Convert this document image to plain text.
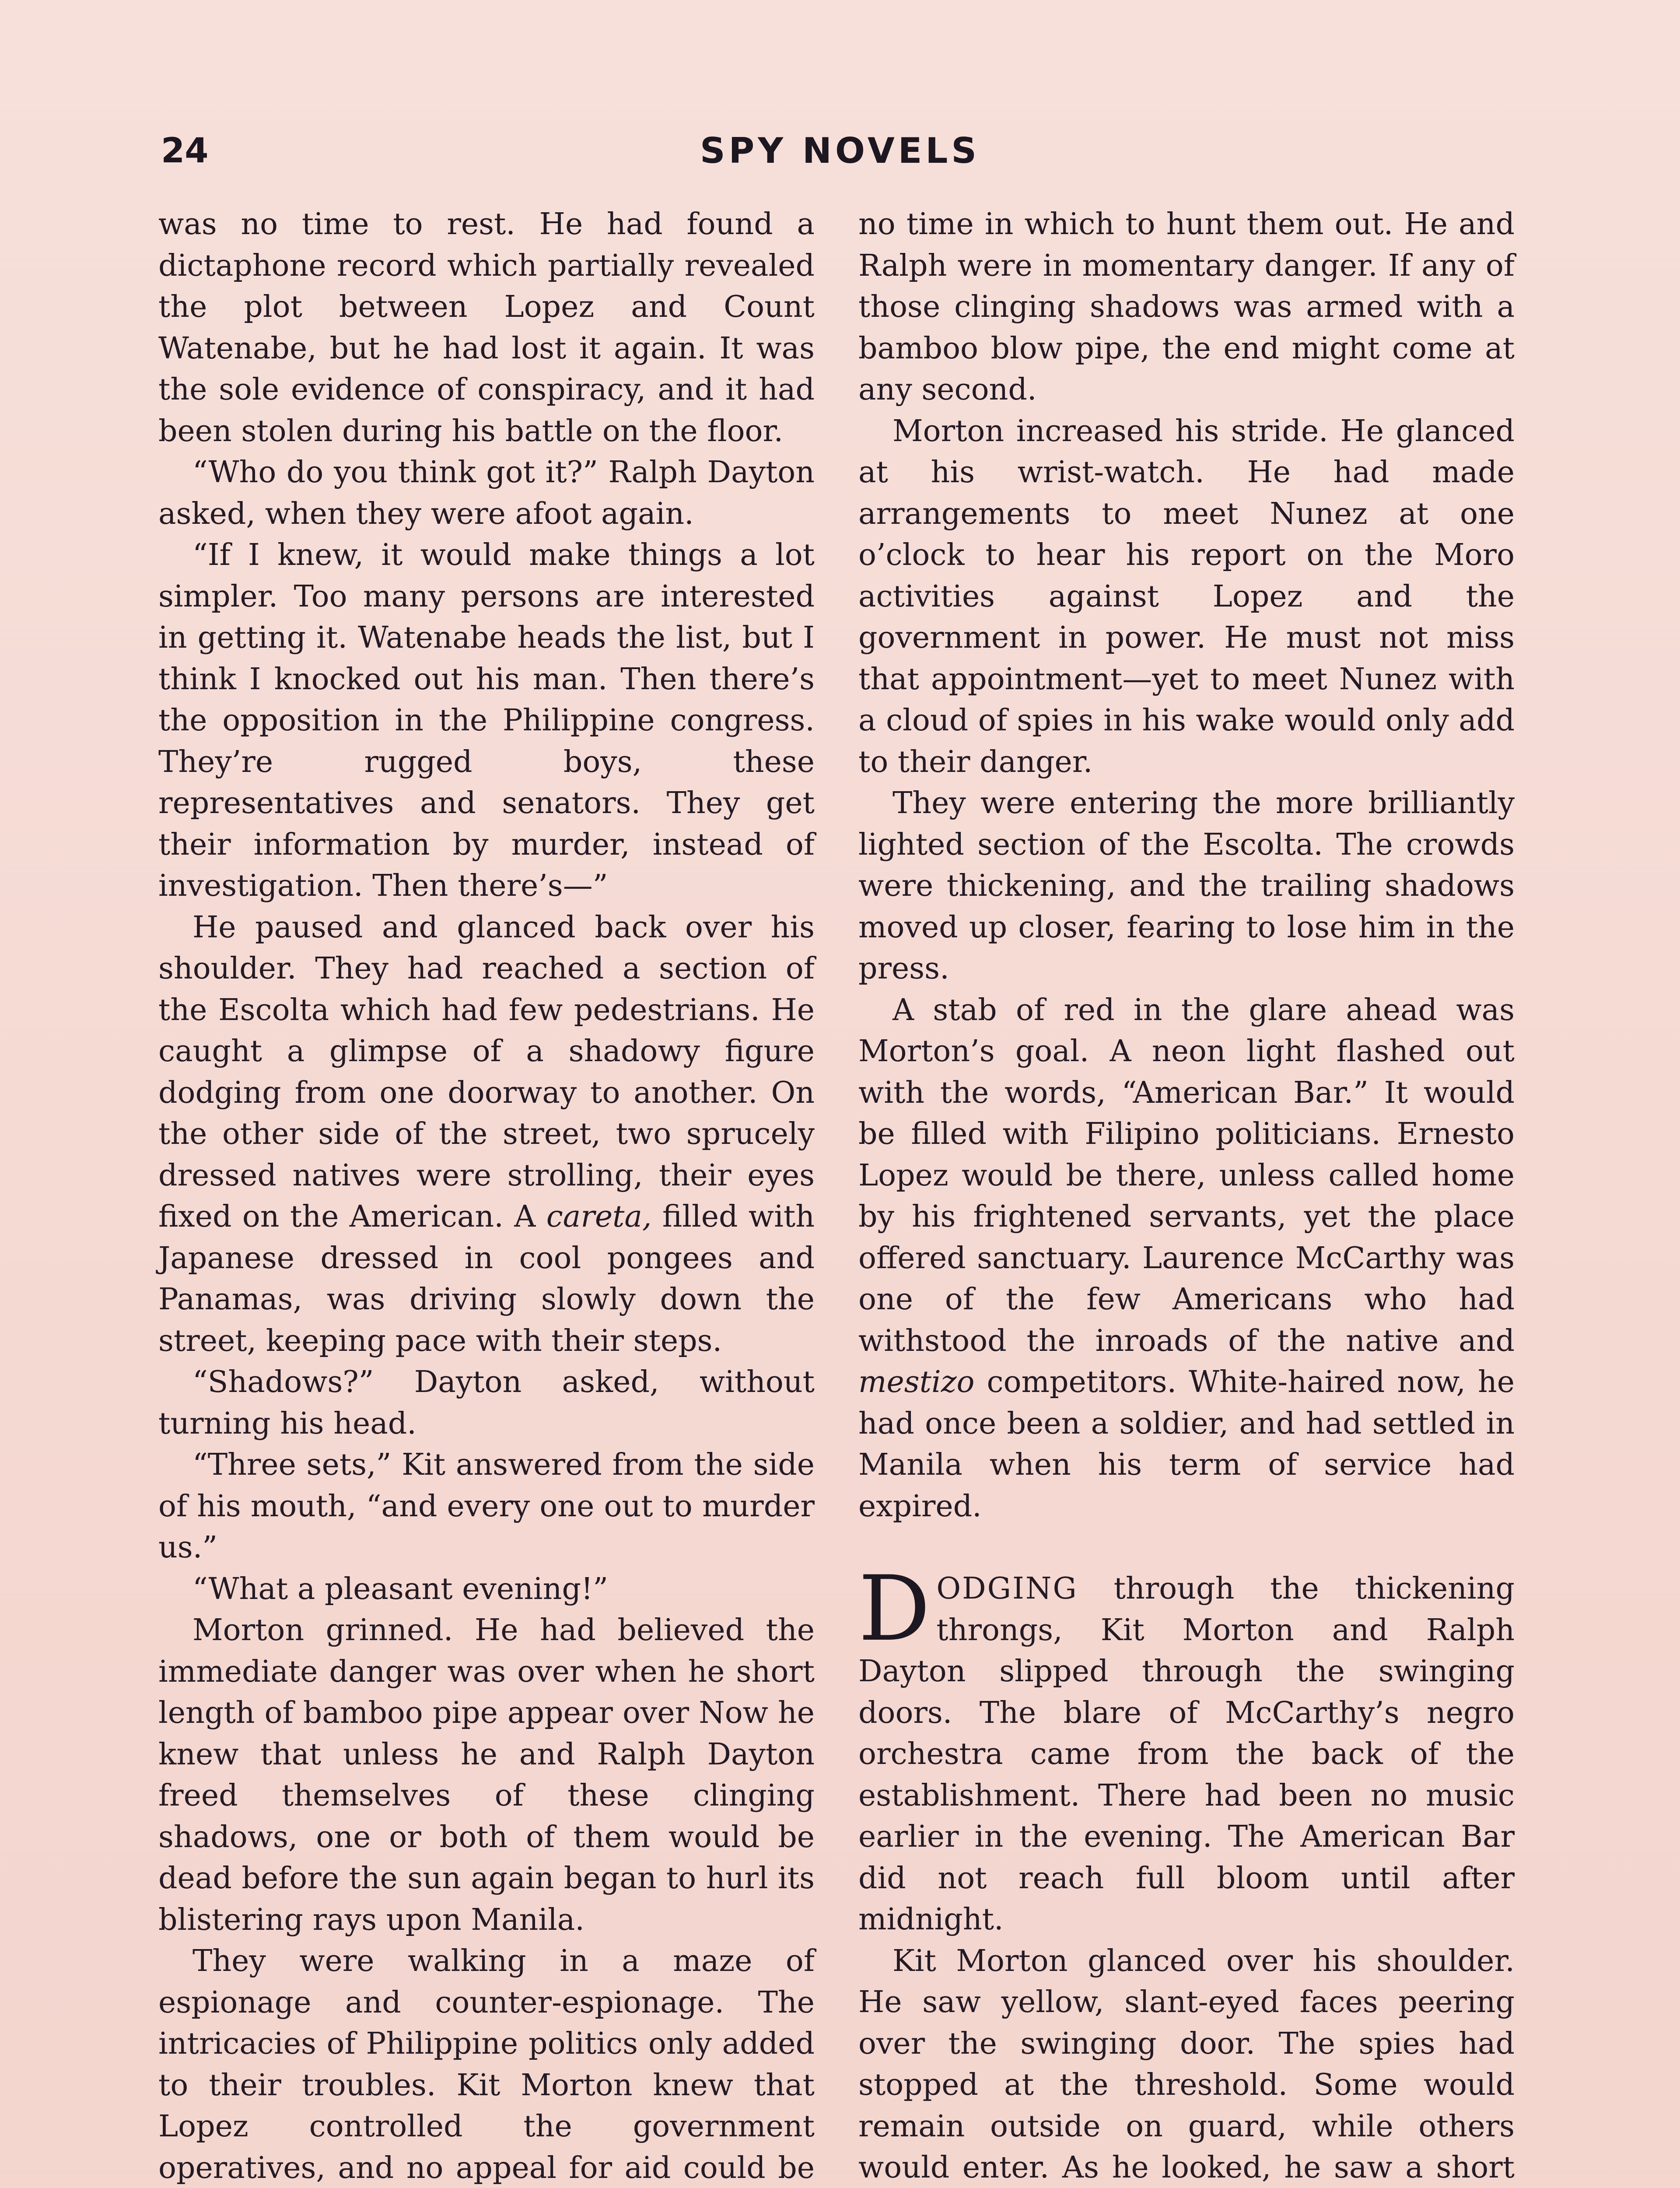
24	SPY NOVELS

was no time to rest. He had found a dictaphone record which partially revealed the plot between Lopez and Count Watenabe, but he had lost it again. It was the sole evidence of conspiracy, and it had been stolen during his battle on the floor.

“Who do you think got it?” Ralph Dayton asked, when they were afoot again.

“If I knew, it would make things a lot simpler. Too many persons are interested in getting it. Watenabe heads the list, but I think I knocked out his man. Then there’s the opposition in the Philippine congress. They’re rugged boys, these representatives and senators. They get their information by murder, instead of investigation. Then there’s—”

He paused and glanced back over his shoulder. They had reached a section of the Escolta which had few pedestrians. He caught a glimpse of a shadowy figure dodging from one doorway to another. On the other side of the street, two sprucely dressed natives were strolling, their eyes fixed on the American. A careta, filled with Japanese dressed in cool pongees and Panamas, was driving slowly down the street, keeping pace with their steps.

“Shadows?” Dayton asked, without turning his head.

“Three sets,” Kit answered from the side of his mouth, “and every one out to murder us.”

“What a pleasant evening!”

Morton grinned. He had believed the immediate danger was over when he short length of bamboo pipe appear over Now he knew that unless he and Ralph Dayton freed themselves of these clinging shadows, one or both of them would be dead before the sun again began to hurl its blistering rays upon Manila.

They were walking in a maze of espionage and counter-espionage. The intricacies of Philippine politics only added to their troubles. Kit Morton knew that Lopez controlled the government operatives, and no appeal for aid could be

no time in which to hunt them out. He and Ralph were in momentary danger. If any of those clinging shadows was armed with a bamboo blow pipe, the end might come at any second.

Morton increased his stride. He glanced at his wrist-watch. He had made arrangements to meet Nunez at one o’clock to hear his report on the Moro activities against Lopez and the government in power. He must not miss that appointment—yet to meet Nunez with a cloud of spies in his wake would only add to their danger.

They were entering the more brilliantly lighted section of the Escolta. The crowds were thickening, and the trailing shadows moved up closer, fearing to lose him in the press.

A stab of red in the glare ahead was Morton’s goal. A neon light flashed out with the words, “American Bar.” It would be filled with Filipino politicians. Ernesto Lopez would be there, unless called home by his frightened servants, yet the place offered sanctuary. Laurence McCarthy was one of the few Americans who had withstood the inroads of the native and mestizo competitors. White-haired now, he had once been a soldier, and had settled in Manila when his term of service had expired.

DODGING through the thickening throngs, Kit Morton and Ralph Dayton slipped through the swinging doors. The blare of McCarthy’s negro orchestra came from the back of the establishment. There had been no music earlier in the evening. The American Bar did not reach full bloom until after midnight.

Kit Morton glanced over his shoulder. He saw yellow, slant-eyed faces peering over the swinging door. The spies had stopped at the threshold. Some would remain outside on guard, while others would enter. As he looked, he saw a short
